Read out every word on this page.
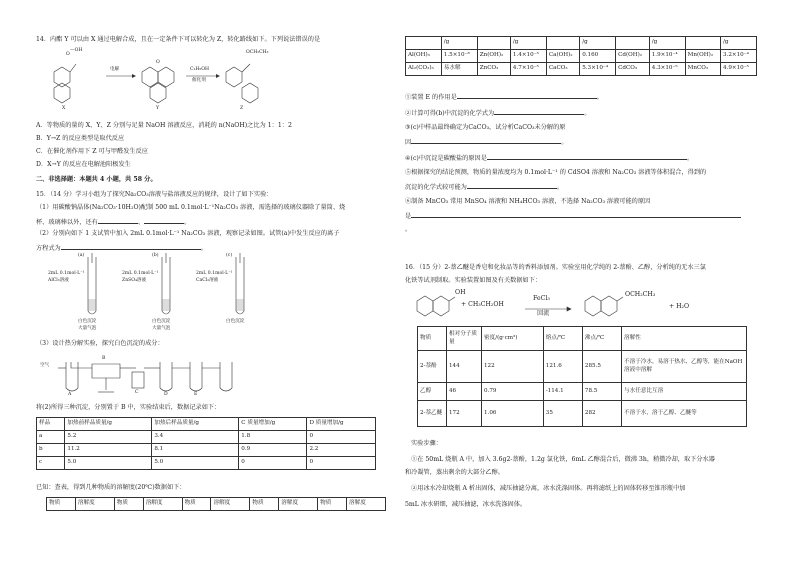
14．内酯 Y 可以由 X 通过电解合成，且在一定条件下可以转化为 Z，转化路线如下。下列说法错误的是
—OH
O
电解
O
C₂H₅OH
催化剂
OCH₂CH₃
X	Y	Z
A．等物质的量的 X、Y、Z 分别与足量 NaOH 溶液反应，消耗的 n(NaOH)之比为 1：1：2
B．Y→Z 的反应类型是取代反应
C．在催化剂作用下 Z 可与甲醛发生反应
D．X→Y 的反应在电解池阳极发生
二、非选择题：本题共 4 小题，共 58 分。
15．（14 分）学习小组为了探究Na₂CO₃溶液与盐溶液反应的规律，设计了如下实验：
（1）用碳酸钠晶体(Na₂CO₃·10H₂O)配制 500 mL 0.1mol·L⁻¹Na₂CO₃ 溶液，需选择的玻璃仪器除了量筒、烧
杯、玻璃棒以外，还有	、	。
（2）分别向如下 1 支试管中加入 2mL 0.1mol·L⁻¹ Na₂CO₃ 溶液，观察记录如图。试管(a)中发生反应的离子
方程式为	。
(a)
2mL 0.1mol·L⁻¹
AlCl₃溶液
白色沉淀
大量气泡
(b)
2mL 0.1mol·L⁻¹
ZnSO₄溶液
白色沉淀
大量气泡
(c)
2mL 0.1mol·L⁻¹
CaCl₂溶液
白色沉淀
（3）设计热分解实验，探究白色沉淀的成分：
空气
A
B
C	D	E
将(2)所得三种沉淀，分别置于 B 中，实验结束后，数据记录如下：
样品	加热前样品质量/g	加热后样品质量/g	C 质量增加/g	D 质量增加/g
a	5.2	3.4	1.8	0
b	11.2	8.1	0.9	2.2
c	5.0	5.0	0	0
已知：查表，得到几种物质的溶解度(20℃)数据如下：
物质	溶解度	物质	溶解度	物质	溶解度	物质	溶解度	物质	溶解度
	/g		/g		/g		/g		/g
Al(OH)₃	1.5×10⁻⁸	Zn(OH)₂	1.4×10⁻⁵	Ca(OH)₂	0.160	Cd(OH)₂	1.9×10⁻⁴	Mn(OH)₂	3.2×10⁻⁴
Al₂(CO₃)₃	易水解	ZnCO₃	4.7×10⁻⁵	CaCO₃	5.3×10⁻⁴	CdCO₃	4.3×10⁻⁵	MnCO₃	4.9×10⁻⁵
①装置 E 的作用是	。
②计算可得(b)中沉淀的化学式为	。
③(c)中样品最终确定为CaCO₃，试分析CaCO₃未分解的原
因	。
④(c)中沉淀是碳酸盐的原因是	。
⑤根据探究的结论预测，物质的量浓度均为 0.1mol·L⁻¹ 的 CdSO4 溶液和 Na₂CO₃ 溶液等体积混合，得到的
沉淀的化学式较可能为	。
⑥制备 MnCO₃ 常用 MnSO₄ 溶液和 NH₄HCO₃ 溶液，不选择 Na₂CO₃ 溶液可能的原因
是
。
16．（15 分）2-萘乙醚是香皂和化妆品等的香料添加剂。实验室用化学纯的 2-萘酚、乙醇，分析纯的无水三氯
化铁等试剂制取。实验装置如图及有关数据如下：
OH
+ CH₃CH₂OH
FeCl₃
回流
OCH₂CH₃
+ H₂O
物质	相对分子质量	密度/(g·cm³)	熔点/℃	沸点/℃	溶解性
2-萘酚	144	122	121.6	285.5	不溶于冷水，易溶于热水、乙醇等，能在NaOH 溶液中溶解
乙醇	46	0.79	-114.1	78.5	与水任意比互溶
2-萘乙醚	172	1.06	35	282	不溶于水，溶于乙醇、乙醚等
实验步骤：
①在 50mL 烧瓶 A 中，加入 3.6g2-萘酚，1.2g 氯化铁，6mL 乙醇混合后，微沸 3h，稍微冷却，取下分水器
和冷凝管，蒸出剩余的大部分乙醇。
②用冰水冷却烧瓶 A 析出固体，减压抽滤分离，冰水洗涤固体。再将滤纸上的固体转移至锥形瓶中加
5mL 冰水研细，减压抽滤，冰水洗涤固体。
